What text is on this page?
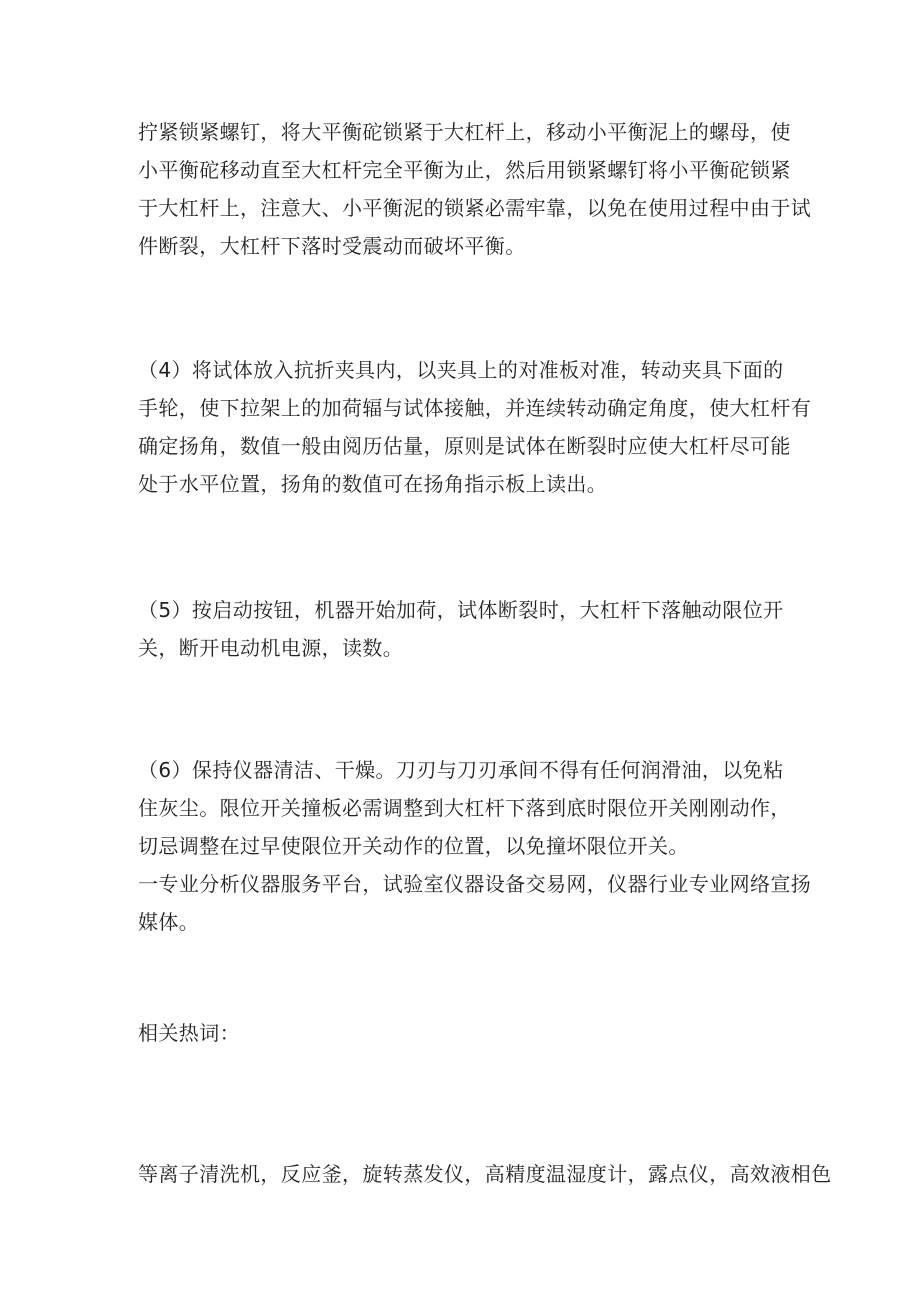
拧紧锁紧螺钉，将大平衡砣锁紧于大杠杆上，移动小平衡泥上的螺母，使
小平衡砣移动直至大杠杆完全平衡为止，然后用锁紧螺钉将小平衡砣锁紧
于大杠杆上，注意大、小平衡泥的锁紧必需牢靠，以免在使用过程中由于试
件断裂，大杠杆下落时受震动而破坏平衡。

（4）将试体放入抗折夹具内，以夹具上的对准板对准，转动夹具下面的
手轮，使下拉架上的加荷辐与试体接触，并连续转动确定角度，使大杠杆有
确定扬角，数值一般由阅历估量，原则是试体在断裂时应使大杠杆尽可能
处于水平位置，扬角的数值可在扬角指示板上读出。

（5）按启动按钮，机器开始加荷，试体断裂时，大杠杆下落触动限位开
关，断开电动机电源，读数。

（6）保持仪器清洁、干燥。刀刃与刀刃承间不得有任何润滑油，以免粘
住灰尘。限位开关撞板必需调整到大杠杆下落到底时限位开关刚刚动作，
切忌调整在过早使限位开关动作的位置，以免撞坏限位开关。
一专业分析仪器服务平台，试验室仪器设备交易网，仪器行业专业网络宣扬
媒体。

相关热词：

等离子清洗机，反应釜，旋转蒸发仪，高精度温湿度计，露点仪，高效液相色
